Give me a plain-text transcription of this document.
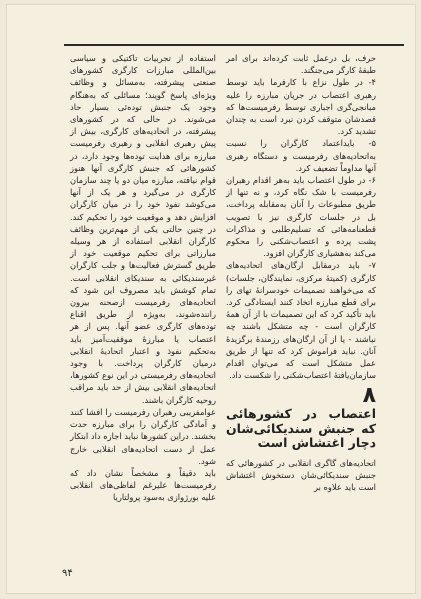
حرف، بل درعمل ثابت کرده‌اند برای امر طبقۀ کارگر می‌جنگند.

۴- در طول نزاع با کارفرما باید توسط رهبری اعتصاب در جریان مبارزه را علیه مبانجی‌گری اجباری توسط رفرمیست‌ها که قصدشان متوقف کردن نبرد است به چندان تشدید کرد.

۵- بایداعتماد کارگران را نسبت به‌اتحادیه‌های رفرمیست و دستگاه رهبری آنها مداوماً تضعیف کرد.

۶- در طول اعتصاب باید به‌هر اقدام رهبران رفرمیست با شک نگاه کرد، و نه تنها از طریق مطبوعات را آنان به‌مقابله پرداخت، بل در جلسات کارگری نیز با تصویب قطعنامه‌هائی که تسلیم‌طلبی و مذاکرات پشت پرده و اعتصاب‌شکنی را محکوم می‌کند به‌هشیاری کارگران افزود.

۷- باید درمقابل ارگان‌های اتحادیه‌های کارگری (کمیتۀ مرکزی، نمایندگان، جلسات) که می‌خواهند تصمیمات خودسرانۀ تهای را برای قطع مبارزه اتخاذ کنند ایستادگی کرد. باید تأکید کرد که این تصمیمات با از آن همۀ کارگران است - چه متشکل باشند چه نباشند - یا از آن ارگان‌های رزمندۀ برگزیدۀ آنان. نباید فراموش کرد که تنها از طریق عمل متشکل است که می‌توان اقدام سازمان‌یافتۀ اعتصاب‌شکنی را شکست داد.

۸
اعتصاب در کشورهائی که جنبش سندیکائی‌شان دچار اغتشاش است

اتحادیه‌های گاگری انقلابی در کشورهائی که جنبش سندیکائی‌شان دستخوش اغتشاش است باید علاوه بر

استفاده از تجربیات تاکتیکی و سیاسی بین‌المللی مبارزات کارگری کشورهای صنعتی پیشرفته، به‌مسائل و وظائف ویژه‌ای پاسخ گویند؛ مسائلی که به‌هنگام وجود یک جنبش توده‌ئی بسیار حاد می‌شوند. در حالی که در کشورهای پیشرفته، در اتحادیه‌های کارگری، بیش از پیش رهبری انقلابی و رهبری رفرمیست مبارزه برای هدایت توده‌ها وجود دارد، در کشورهائی که جنبش کارگری آنها هنوز قوام نیافته، مبارزه میان دو یا چند سازمان کارگری در می‌گیرد و هر یک از آنها می‌کوشد نفوذ خود را در میان کارگران افزایش دهد و موقعیت خود را تحکیم کند. در چنین حالتی یکی از مهم‌ترین وظائف کارگران انقلابی استفاده از هر وسیله مبارزاتی برای تحکیم موقعیت خود از طریق گسترش فعالیت‌ها و جلب کارگران غیرسندیکائی به‌ سندیکای انقلابی است. تمام کوشش باید مصروف این شود که اتحادیه‌های رفرمیست ازصحنه بیرون راننده‌شوند، به‌ویژه از طریق اقناع توده‌های کارگری عضو آنها. پس از هر اعتصاب یا مبارزۀ موفقیت‌آمیز باید به‌تحکیم نفوذ و اعتبار اتحادیۀ انقلابی درمیان کارگران پرداخت. با وجود اتحادیه‌های رفرمیستی در این نوع کشورها، اتحادیه‌های انقلابی بیش از حد باید مراقب روحیه کارگران باشند.

عوامفریبی رهبران رفرمیست را افشا کنند و آمادگی کارگران را برای مبارزه حدت بخشند. دراین کشورها نباید اجازه داد ابتکار عمل از دست اتحادیه‌های انقلابی خارج شود.

باید دقیقاً و مشخصاً نشان داد که رفرمیست‌ها علیرغم لفاظی‌های انقلابی علیه بورژوازی به‌سود پرولتاریا

۹۴
